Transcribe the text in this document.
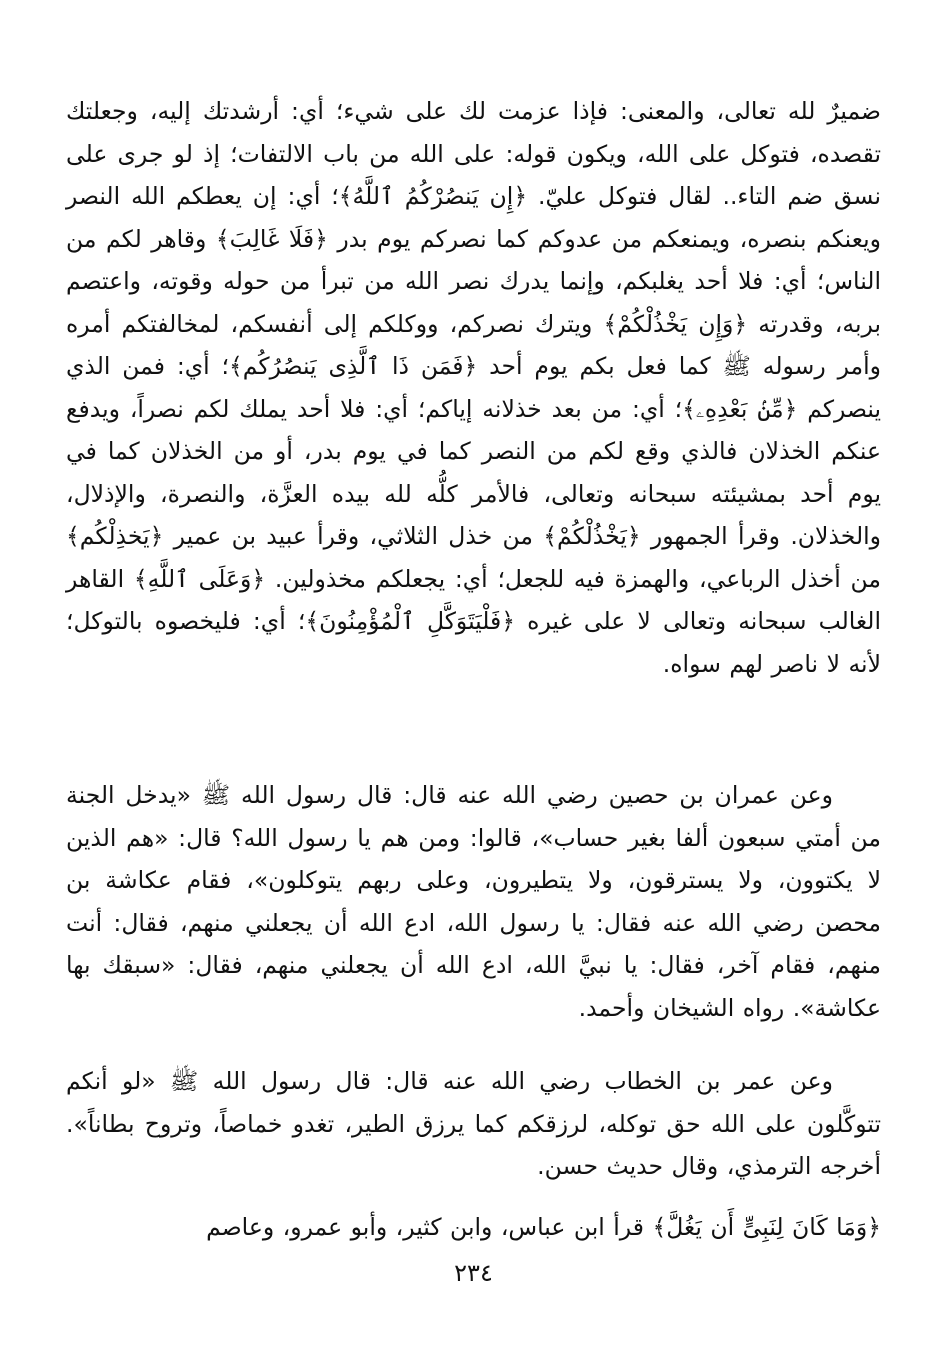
ضميرٌ لله تعالى، والمعنى: فإذا عزمت لك على شيء؛ أي: أرشدتك إليه، وجعلتك تقصده، فتوكل على الله، ويكون قوله: على الله من باب الالتفات؛ إذ لو جرى على نسق ضم التاء.. لقال فتوكل عليّ. ﴿إِن يَنصُرْكُمُ ٱللَّهُ﴾؛ أي: إن يعطكم الله النصر ويعنكم بنصره، ويمنعكم من عدوكم كما نصركم يوم بدر ﴿فَلَا غَالِبَ﴾ وقاهر لكم من الناس؛ أي: فلا أحد يغلبكم، وإنما يدرك نصر الله من تبرأ من حوله وقوته، واعتصم بربه، وقدرته ﴿وَإِن يَخْذُلْكُمْ﴾ ويترك نصركم، ووكلكم إلى أنفسكم، لمخالفتكم أمره وأمر رسوله ﷺ كما فعل بكم يوم أحد ﴿فَمَن ذَا ٱلَّذِى يَنصُرُكُم﴾؛ أي: فمن الذي ينصركم ﴿مِّنۢ بَعْدِهِۦ﴾؛ أي: من بعد خذلانه إياكم؛ أي: فلا أحد يملك لكم نصراً، ويدفع عنكم الخذلان فالذي وقع لكم من النصر كما في يوم بدر، أو من الخذلان كما في يوم أحد بمشيئته سبحانه وتعالى، فالأمر كلُّه لله بيده العزَّة، والنصرة، والإذلال، والخذلان. وقرأ الجمهور ﴿يَخْذُلْكُمْ﴾ من خذل الثلاثي، وقرأ عبيد بن عمير ﴿يَخذِلْكُم﴾ من أخذل الرباعي، والهمزة فيه للجعل؛ أي: يجعلكم مخذولين. ﴿وَعَلَى ٱللَّهِ﴾ القاهر الغالب سبحانه وتعالى لا على غيره ﴿فَلْيَتَوَكَّلِ ٱلْمُؤْمِنُونَ﴾؛ أي: فليخصوه بالتوكل؛ لأنه لا ناصر لهم سواه.

وعن عمران بن حصين رضي الله عنه قال: قال رسول الله ﷺ «يدخل الجنة من أمتي سبعون ألفا بغير حساب»، قالوا: ومن هم يا رسول الله؟ قال: «هم الذين لا يكتوون، ولا يسترقون، ولا يتطيرون، وعلى ربهم يتوكلون»، فقام عكاشة بن محصن رضي الله عنه فقال: يا رسول الله، ادع الله أن يجعلني منهم، فقال: أنت منهم، فقام آخر، فقال: يا نبيَّ الله، ادع الله أن يجعلني منهم، فقال: «سبقك بها عكاشة». رواه الشيخان وأحمد.

وعن عمر بن الخطاب رضي الله عنه قال: قال رسول الله ﷺ «لو أنكم تتوكَّلون على الله حق توكله، لرزقكم كما يرزق الطير، تغدو خماصاً، وتروح بطاناً». أخرجه الترمذي، وقال حديث حسن.

﴿وَمَا كَانَ لِنَبِىٍّ أَن يَغُلَّ﴾ قرأ ابن عباس، وابن كثير، وأبو عمرو، وعاصم

٢٣٤
